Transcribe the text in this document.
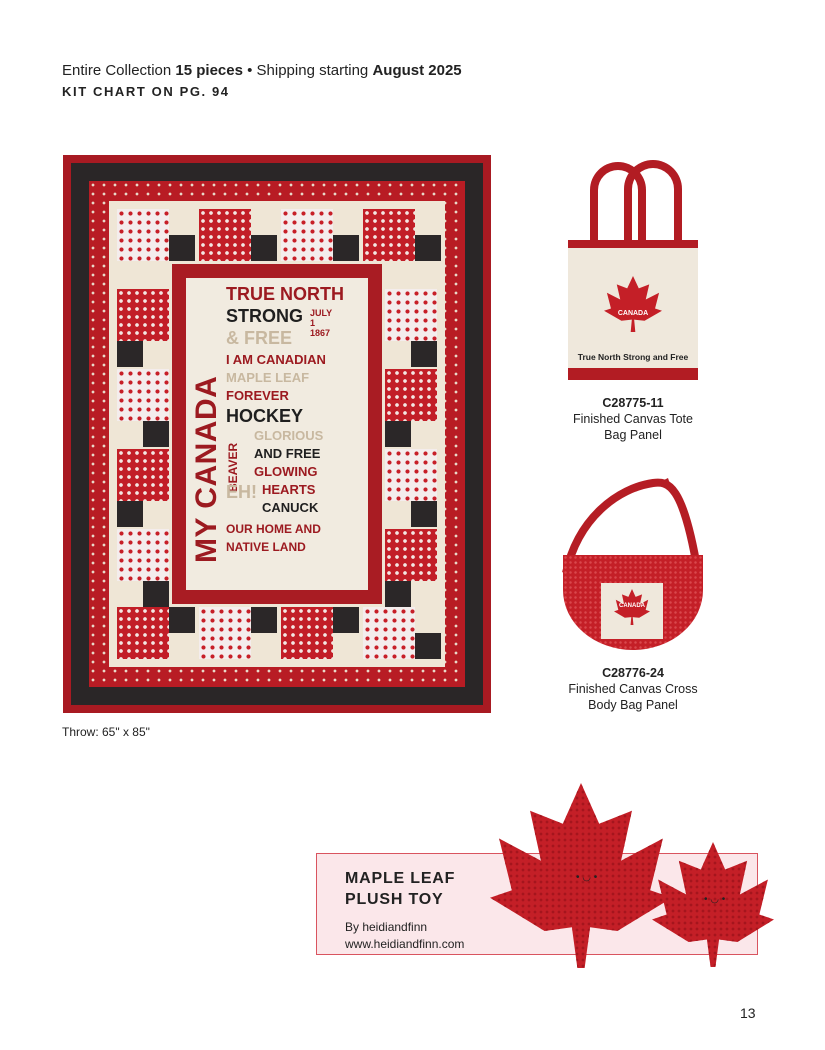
Entire Collection 15 pieces • Shipping starting August 2025
KIT CHART ON PG. 94
MY CANADA
TRUE NORTH
STRONG JULY 1 1867
& FREE
I AM CANADIAN
MAPLE LEAF
FOREVER
HOCKEY
GLORIOUS
BEAVER AND FREE
GLOWING
EH! HEARTS
CANUCK
OUR HOME AND
NATIVE LAND
Throw: 65" x 85"
CANADA
True North Strong and Free
C28775-11
Finished Canvas Tote
Bag Panel
CANADA
C28776-24
Finished Canvas Cross
Body Bag Panel
MAPLE LEAF
PLUSH TOY
By heidiandfinn
www.heidiandfinn.com
• ◡ •
• ◡ •
13
